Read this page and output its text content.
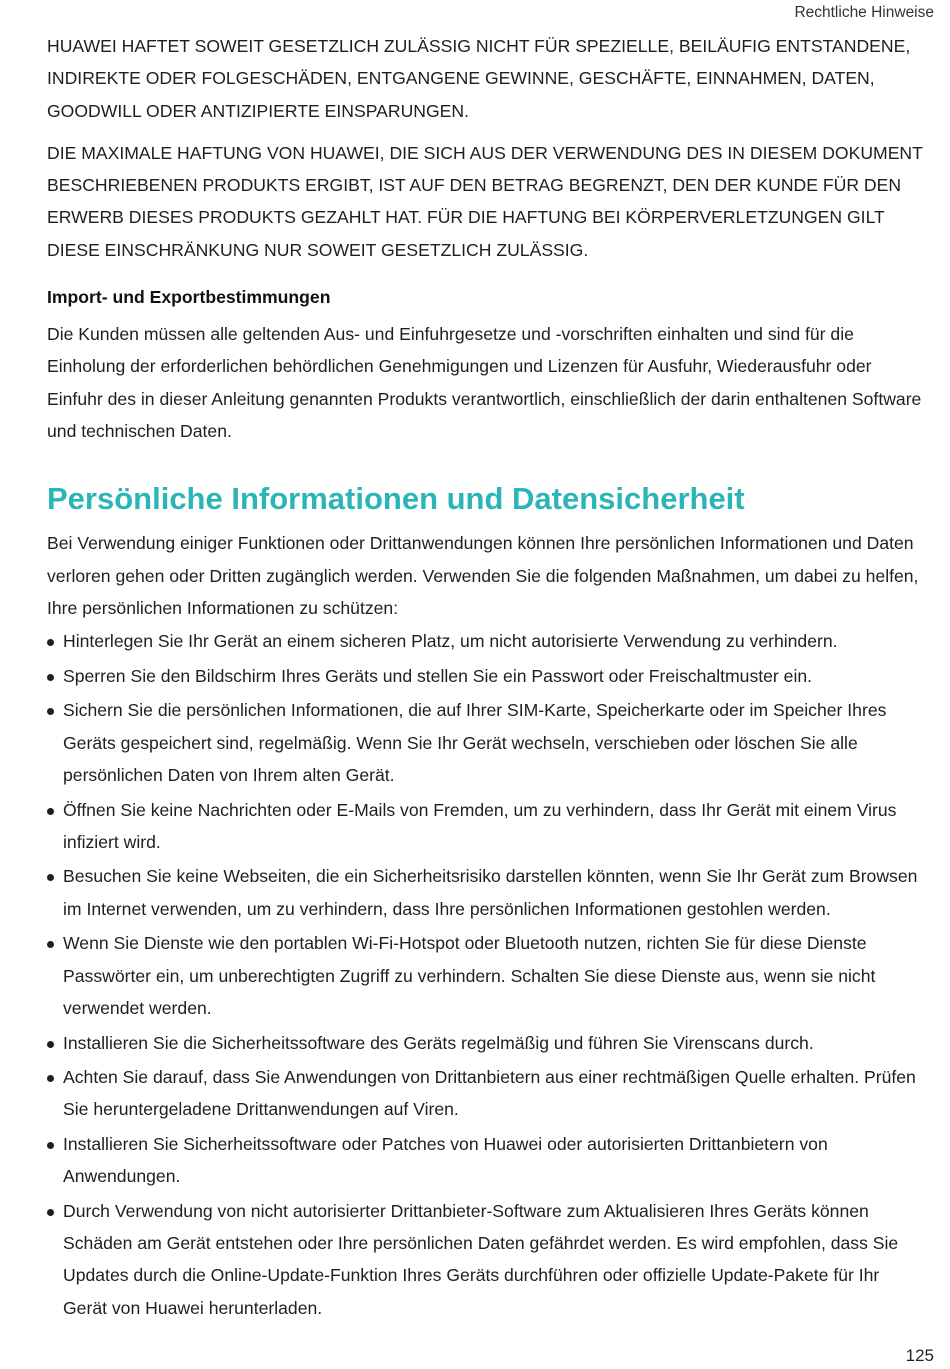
Rechtliche Hinweise

HUAWEI HAFTET SOWEIT GESETZLICH ZULÄSSIG NICHT FÜR SPEZIELLE, BEILÄUFIG ENTSTANDENE, INDIREKTE ODER FOLGESCHÄDEN, ENTGANGENE GEWINNE, GESCHÄFTE, EINNAHMEN, DATEN, GOODWILL ODER ANTIZIPIERTE EINSPARUNGEN.

DIE MAXIMALE HAFTUNG VON HUAWEI, DIE SICH AUS DER VERWENDUNG DES IN DIESEM DOKUMENT BESCHRIEBENEN PRODUKTS ERGIBT, IST AUF DEN BETRAG BEGRENZT, DEN DER KUNDE FÜR DEN ERWERB DIESES PRODUKTS GEZAHLT HAT. FÜR DIE HAFTUNG BEI KÖRPERVERLETZUNGEN GILT DIESE EINSCHRÄNKUNG NUR SOWEIT GESETZLICH ZULÄSSIG.

Import- und Exportbestimmungen

Die Kunden müssen alle geltenden Aus- und Einfuhrgesetze und -vorschriften einhalten und sind für die Einholung der erforderlichen behördlichen Genehmigungen und Lizenzen für Ausfuhr, Wiederausfuhr oder Einfuhr des in dieser Anleitung genannten Produkts verantwortlich, einschließlich der darin enthaltenen Software und technischen Daten.

Persönliche Informationen und Datensicherheit

Bei Verwendung einiger Funktionen oder Drittanwendungen können Ihre persönlichen Informationen und Daten verloren gehen oder Dritten zugänglich werden. Verwenden Sie die folgenden Maßnahmen, um dabei zu helfen, Ihre persönlichen Informationen zu schützen:

Hinterlegen Sie Ihr Gerät an einem sicheren Platz, um nicht autorisierte Verwendung zu verhindern.
Sperren Sie den Bildschirm Ihres Geräts und stellen Sie ein Passwort oder Freischaltmuster ein.
Sichern Sie die persönlichen Informationen, die auf Ihrer SIM-Karte, Speicherkarte oder im Speicher Ihres Geräts gespeichert sind, regelmäßig. Wenn Sie Ihr Gerät wechseln, verschieben oder löschen Sie alle persönlichen Daten von Ihrem alten Gerät.
Öffnen Sie keine Nachrichten oder E-Mails von Fremden, um zu verhindern, dass Ihr Gerät mit einem Virus infiziert wird.
Besuchen Sie keine Webseiten, die ein Sicherheitsrisiko darstellen könnten, wenn Sie Ihr Gerät zum Browsen im Internet verwenden, um zu verhindern, dass Ihre persönlichen Informationen gestohlen werden.
Wenn Sie Dienste wie den portablen Wi-Fi-Hotspot oder Bluetooth nutzen, richten Sie für diese Dienste Passwörter ein, um unberechtigten Zugriff zu verhindern. Schalten Sie diese Dienste aus, wenn sie nicht verwendet werden.
Installieren Sie die Sicherheitssoftware des Geräts regelmäßig und führen Sie Virenscans durch.
Achten Sie darauf, dass Sie Anwendungen von Drittanbietern aus einer rechtmäßigen Quelle erhalten. Prüfen Sie heruntergeladene Drittanwendungen auf Viren.
Installieren Sie Sicherheitssoftware oder Patches von Huawei oder autorisierten Drittanbietern von Anwendungen.
Durch Verwendung von nicht autorisierter Drittanbieter-Software zum Aktualisieren Ihres Geräts können Schäden am Gerät entstehen oder Ihre persönlichen Daten gefährdet werden. Es wird empfohlen, dass Sie Updates durch die Online-Update-Funktion Ihres Geräts durchführen oder offizielle Update-Pakete für Ihr Gerät von Huawei herunterladen.
125
